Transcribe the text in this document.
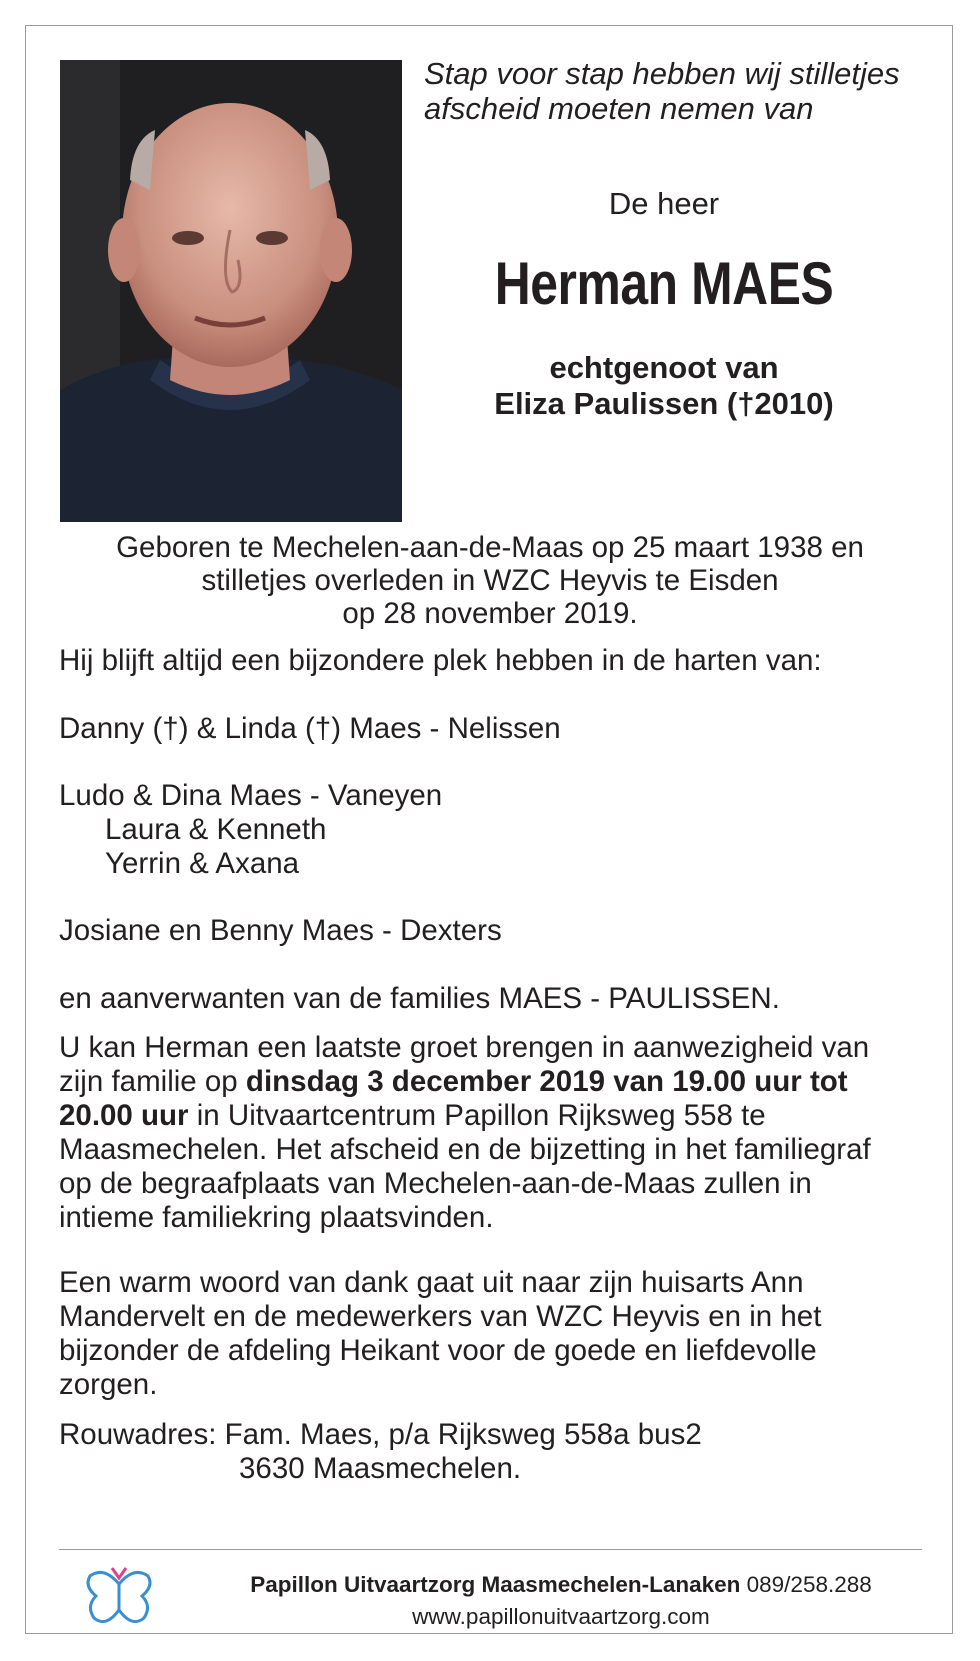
Stap voor stap hebben wij stilletjes
afscheid moeten nemen van
De heer
Herman MAES
echtgenoot van
Eliza Paulissen (†2010)
Geboren te Mechelen-aan-de-Maas op 25 maart 1938 en
stilletjes overleden in WZC Heyvis te Eisden
op 28 november 2019.
Hij blijft altijd een bijzondere plek hebben in de harten van:
Danny (†) & Linda (†) Maes - Nelissen
Ludo & Dina Maes - Vaneyen
Laura & Kenneth
Yerrin & Axana
Josiane en Benny Maes - Dexters
en aanverwanten van de families MAES - PAULISSEN.
U kan Herman een laatste groet brengen in aanwezigheid van
zijn familie op dinsdag 3 december 2019 van 19.00 uur tot
20.00 uur in Uitvaartcentrum Papillon Rijksweg 558 te
Maasmechelen. Het afscheid en de bijzetting in het familiegraf
op de begraafplaats van Mechelen-aan-de-Maas zullen in
intieme familiekring plaatsvinden.
Een warm woord van dank gaat uit naar zijn huisarts Ann
Mandervelt en de medewerkers van WZC Heyvis en in het
bijzonder de afdeling Heikant voor de goede en liefdevolle
zorgen.
Rouwadres: Fam. Maes, p/a Rijksweg 558a bus2
3630 Maasmechelen.
Papillon Uitvaartzorg Maasmechelen-Lanaken 089/258.288
www.papillonuitvaartzorg.com
